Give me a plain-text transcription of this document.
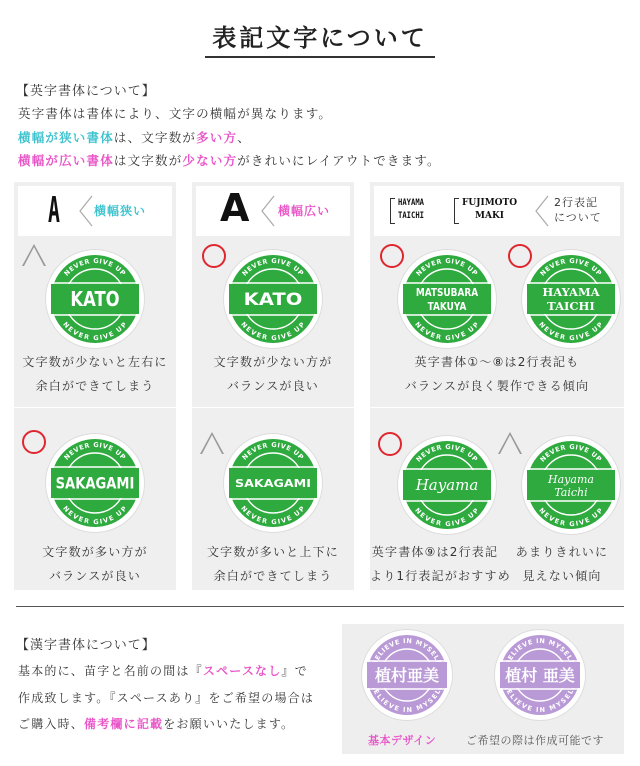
表記文字について
【英字書体について】
英字書体は書体により、文字の横幅が異なります。
横幅が狭い書体は、文字数が多い方、
横幅が広い書体は文字数が少ない方がきれいにレイアウトできます。
A	横幅狭い A 横幅広い
HAYAMA
TAICHI
FUJIMOTO
MAKI
2行表記
について
NEVER GIVE UP
NEVER GIVE UP
KATO
文字数が少ないと左右に
余白ができてしまう
NEVER GIVE UP
NEVER GIVE UP
SAKAGAMI
文字数が多い方が
バランスが良い
NEVER GIVE UP
NEVER GIVE UP
KATO
文字数が少ない方が
バランスが良い
NEVER GIVE UP
NEVER GIVE UP
SAKAGAMI
文字数が多いと上下に
余白ができてしまう
NEVER GIVE UP
NEVER GIVE UP
MATSUBARA
TAKUYA
NEVER GIVE UP
NEVER GIVE UP
HAYAMA
TAICHI
英字書体①〜⑧は2行表記も
バランスが良く製作できる傾向
NEVER GIVE UP
NEVER GIVE UP
Hayama
英字書体⑨は2行表記
より1行表記がおすすめ
NEVER GIVE UP
NEVER GIVE UP
Hayama
Taichi
あまりきれいに
見えない傾向
【漢字書体について】
基本的に、苗字と名前の間は『スペースなし』で
作成致します。『スペースあり』をご希望の場合は
ご購入時、備考欄に記載をお願いいたします。
ELIEVE IN MYSEL
ELIEVE IN MYSEL
植村亜美
ELIEVE IN MYSEL
ELIEVE IN MYSEL
植村 亜美
基本デザイン	ご希望の際は作成可能です
